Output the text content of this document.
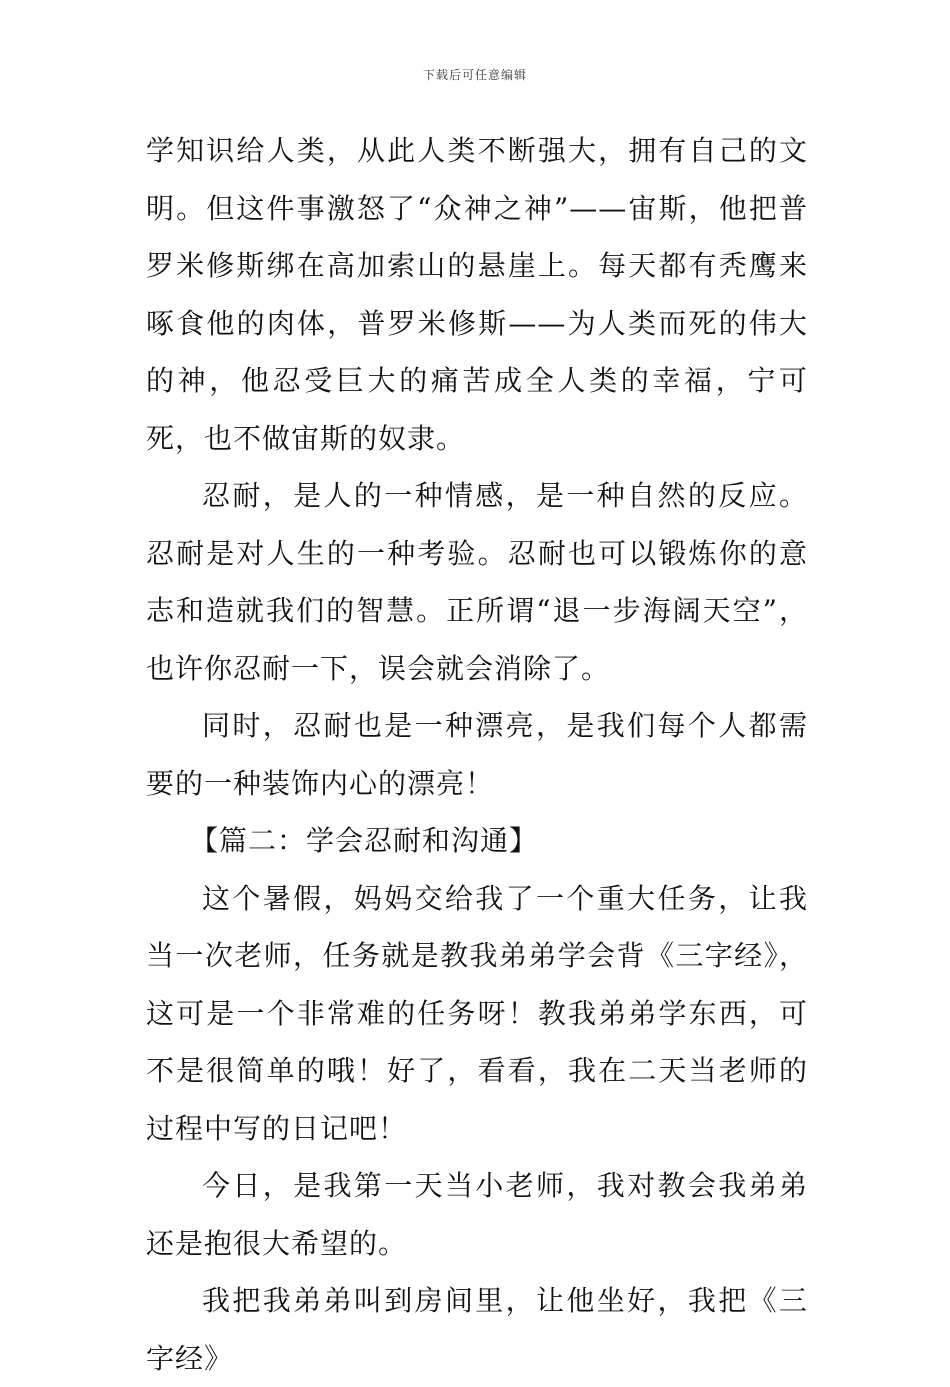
下载后可任意编辑

学知识给人类，从此人类不断强大，拥有自己的文明。但这件事激怒了“众神之神”——宙斯，他把普罗米修斯绑在高加索山的悬崖上。每天都有秃鹰来啄食他的肉体，普罗米修斯——为人类而死的伟大的神，他忍受巨大的痛苦成全人类的幸福，宁可死，也不做宙斯的奴隶。

忍耐，是人的一种情感，是一种自然的反应。忍耐是对人生的一种考验。忍耐也可以锻炼你的意志和造就我们的智慧。正所谓“退一步海阔天空”，也许你忍耐一下，误会就会消除了。

同时，忍耐也是一种漂亮，是我们每个人都需要的一种装饰内心的漂亮！

【篇二：学会忍耐和沟通】

这个暑假，妈妈交给我了一个重大任务，让我当一次老师，任务就是教我弟弟学会背《三字经》，这可是一个非常难的任务呀！教我弟弟学东西，可不是很简单的哦！好了，看看，我在二天当老师的过程中写的日记吧！

今日，是我第一天当小老师，我对教会我弟弟还是抱很大希望的。

我把我弟弟叫到房间里，让他坐好，我把《三字经》
